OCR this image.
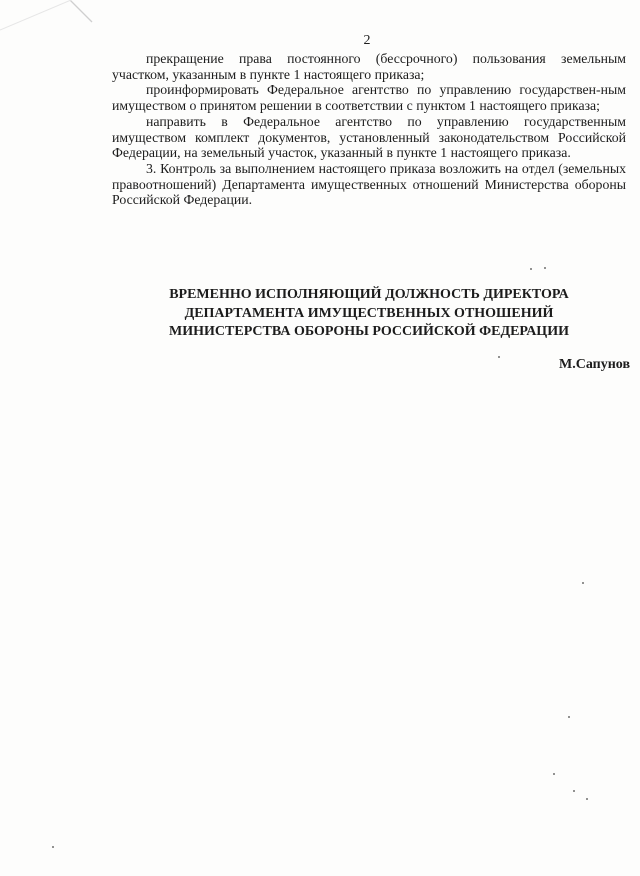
2

прекращение права постоянного (бессрочного) пользования земельным участком, указанным в пункте 1 настоящего приказа;

проинформировать Федеральное агентство по управлению государствен-ным имуществом о принятом решении в соответствии с пунктом 1 настоящего приказа;

направить в Федеральное агентство по управлению государственным имуществом комплект документов, установленный законодательством Российской Федерации, на земельный участок, указанный в пункте 1 настоящего приказа.

3. Контроль за выполнением настоящего приказа возложить на отдел (земельных правоотношений) Департамента имущественных отношений Министерства обороны Российской Федерации.

ВРЕМЕННО ИСПОЛНЯЮЩИЙ ДОЛЖНОСТЬ ДИРЕКТОРА
ДЕПАРТАМЕНТА ИМУЩЕСТВЕННЫХ ОТНОШЕНИЙ
МИНИСТЕРСТВА ОБОРОНЫ РОССИЙСКОЙ ФЕДЕРАЦИИ
М.Сапунов
